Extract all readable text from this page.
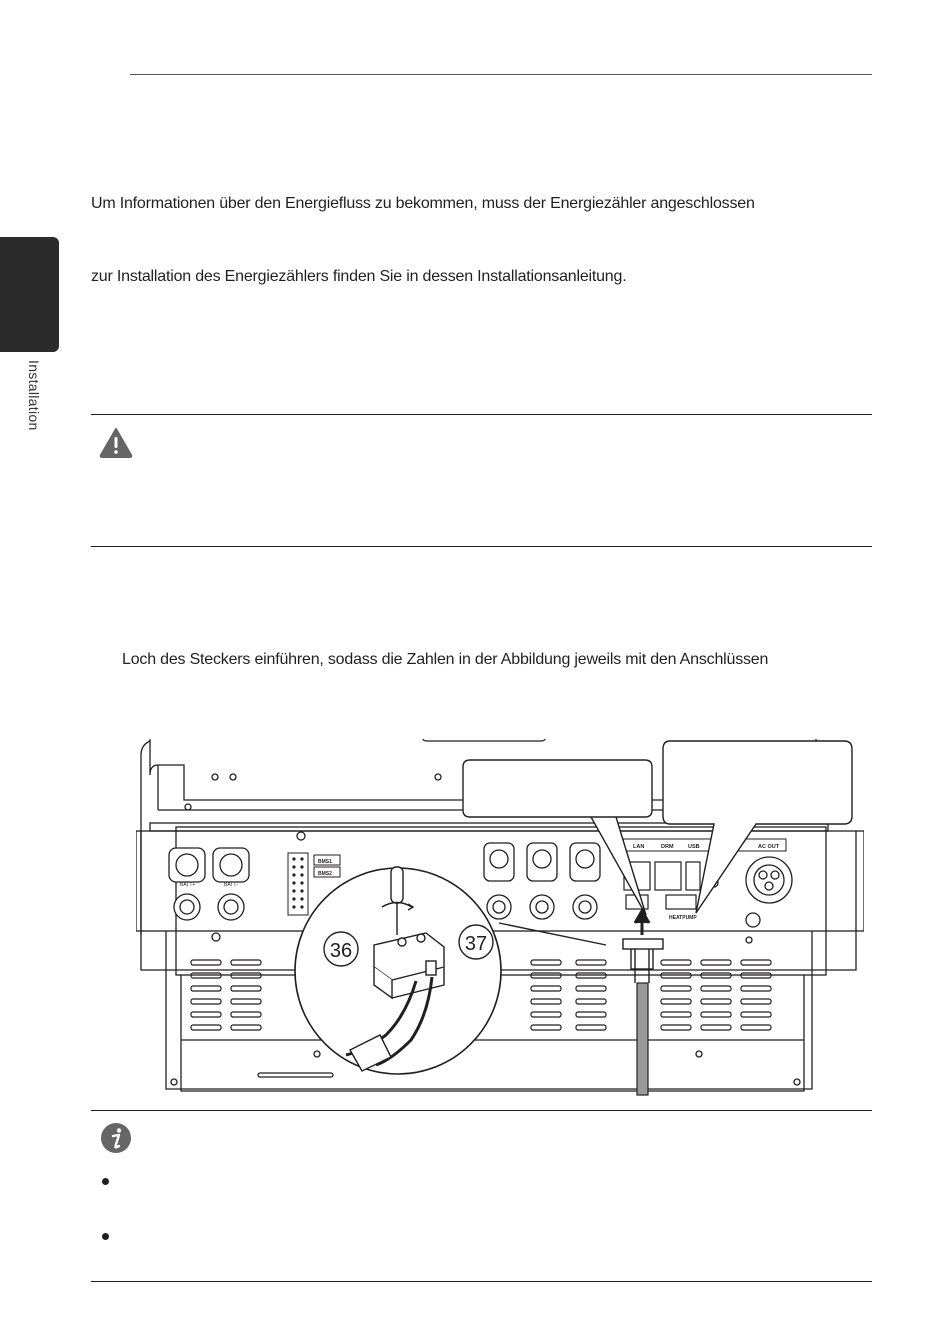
Installation
Um Informationen über den Energiefluss zu bekommen, muss der Energiezähler angeschlossen
zur Installation des Energiezählers finden Sie in dessen Installationsanleitung.
Loch des Steckers einführen, sodass die Zahlen in der Abbildung jeweils mit den Anschlüssen
BATT+	BATT-
BMS1
BMS2
LAN	DRM	USB	AC OUT
HEATPUMP
36	37
